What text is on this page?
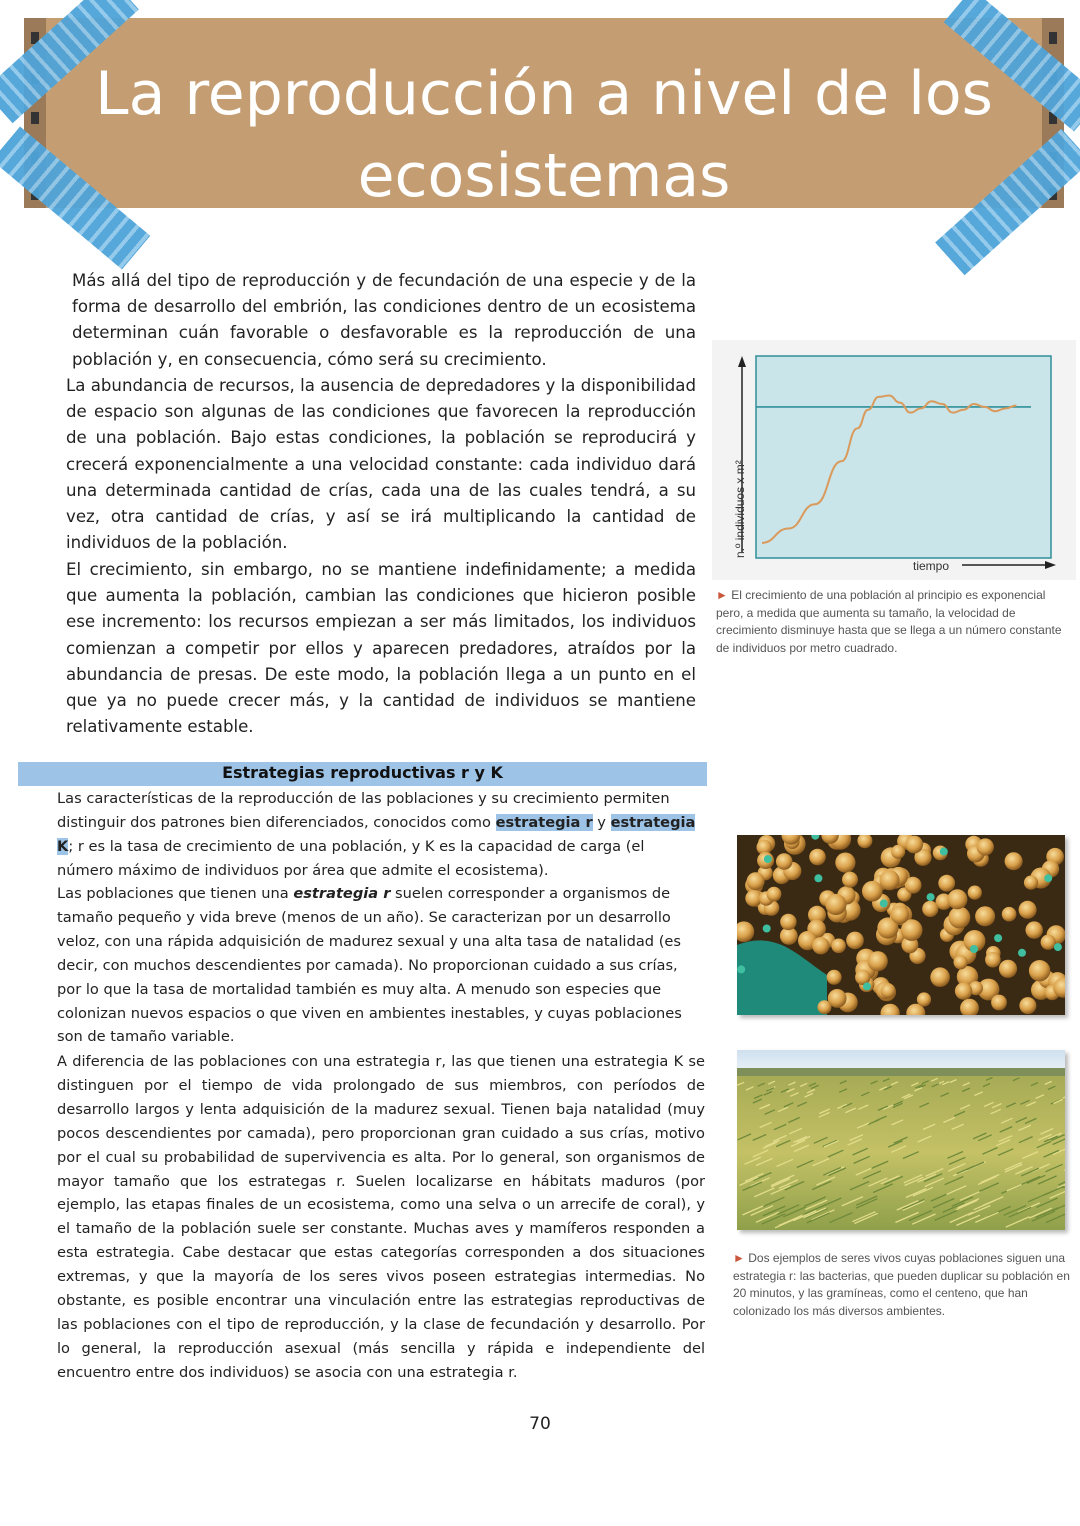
La reproducción a nivel de los
ecosistemas

Más allá del tipo de reproducción y de fecundación de una especie y de la forma de desarrollo del embrión, las condiciones dentro de un ecosistema determinan cuán favorable o desfavorable es la reproducción de una población y, en consecuencia, cómo será su crecimiento.

La abundancia de recursos, la ausencia de depredadores y la disponibilidad de espacio son algunas de las condiciones que favorecen la reproducción de una población. Bajo estas condiciones, la población se reproducirá y crecerá exponencialmente a una velocidad constante: cada individuo dará una determinada cantidad de crías, cada una de las cuales tendrá, a su vez, otra cantidad de crías, y así se irá multiplicando la cantidad de individuos de la población.

El crecimiento, sin embargo, no se mantiene indefinidamente; a medida que aumenta la población, cambian las condiciones que hicieron posible ese incremento: los recursos empiezan a ser más limitados, los individuos comienzan a competir por ellos y aparecen predadores, atraídos por la abundancia de presas. De este modo, la población llega a un punto en el que ya no puede crecer más, y la cantidad de individuos se mantiene relativamente estable.

tiempo
n.º individuos x m²

► El crecimiento de una población al principio es exponencial pero, a medida que aumenta su tamaño, la velocidad de crecimiento disminuye hasta que se llega a un número constante de individuos por metro cuadrado.

Estrategias reproductivas r y K

Las características de la reproducción de las poblaciones y su crecimiento permiten distinguir dos patrones bien diferenciados, conocidos como estrategia r y estrategia K; r es la tasa de crecimiento de una población, y K es la capacidad de carga (el número máximo de individuos por área que admite el ecosistema).

Las poblaciones que tienen una estrategia r suelen corresponder a organismos de tamaño pequeño y vida breve (menos de un año). Se caracterizan por un desarrollo veloz, con una rápida adquisición de madurez sexual y una alta tasa de natalidad (es decir, con muchos descendientes por camada). No proporcionan cuidado a sus crías, por lo que la tasa de mortalidad también es muy alta. A menudo son especies que colonizan nuevos espacios o que viven en ambientes inestables, y cuyas poblaciones son de tamaño variable.

A diferencia de las poblaciones con una estrategia r, las que tienen una estrategia K se distinguen por el tiempo de vida prolongado de sus miembros, con períodos de desarrollo largos y lenta adquisición de la madurez sexual. Tienen baja natalidad (muy pocos descendientes por camada), pero proporcionan gran cuidado a sus crías, motivo por el cual su probabilidad de supervivencia es alta. Por lo general, son organismos de mayor tamaño que los estrategas r. Suelen localizarse en hábitats maduros (por ejemplo, las etapas finales de un ecosistema, como una selva o un arrecife de coral), y el tamaño de la población suele ser constante. Muchas aves y mamíferos responden a esta estrategia. Cabe destacar que estas categorías corresponden a dos situaciones extremas, y que la mayoría de los seres vivos poseen estrategias intermedias. No obstante, es posible encontrar una vinculación entre las estrategias reproductivas de las poblaciones con el tipo de reproducción, y la clase de fecundación y desarrollo. Por lo general, la reproducción asexual (más sencilla y rápida e independiente del encuentro entre dos individuos) se asocia con una estrategia r.

► Dos ejemplos de seres vivos cuyas poblaciones siguen una estrategia r: las bacterias, que pueden duplicar su población en 20 minutos, y las gramíneas, como el centeno, que han colonizado los más diversos ambientes.

70
